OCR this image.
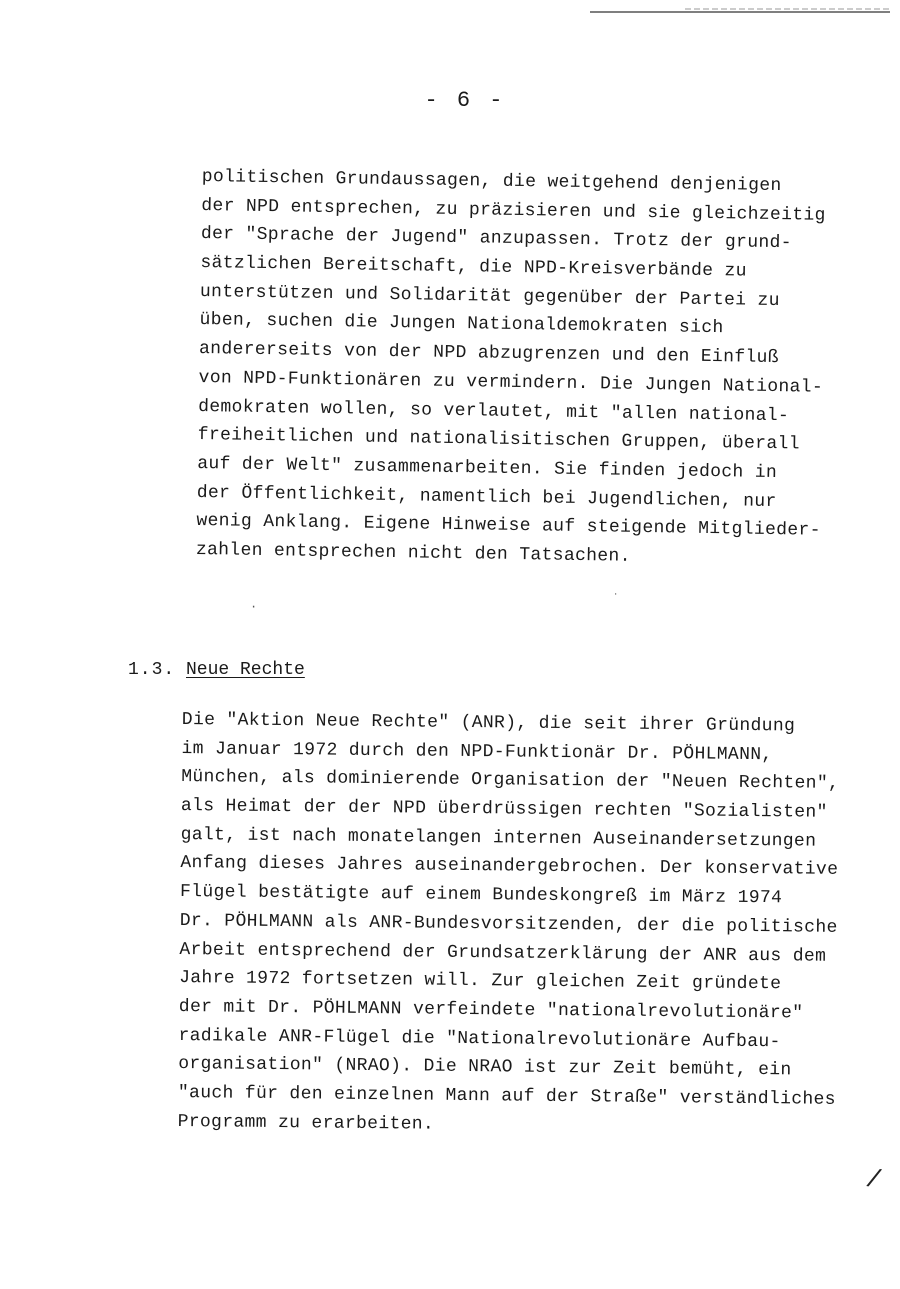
- 6 -
politischen Grundaussagen, die weitgehend denjenigen
der NPD entsprechen, zu präzisieren und sie gleichzeitig
der "Sprache der Jugend" anzupassen. Trotz der grund-
sätzlichen Bereitschaft, die NPD-Kreisverbände zu
unterstützen und Solidarität gegenüber der Partei zu
üben, suchen die Jungen Nationaldemokraten sich
andererseits von der NPD abzugrenzen und den Einfluß
von NPD-Funktionären zu vermindern. Die Jungen National-
demokraten wollen, so verlautet, mit "allen national-
freiheitlichen und nationalisitischen Gruppen, überall
auf der Welt" zusammenarbeiten. Sie finden jedoch in
der Öffentlichkeit, namentlich bei Jugendlichen, nur
wenig Anklang. Eigene Hinweise auf steigende Mitglieder-
zahlen entsprechen nicht den Tatsachen.
·
˙
1.3. Neue Rechte
Die "Aktion Neue Rechte" (ANR), die seit ihrer Gründung
im Januar 1972 durch den NPD-Funktionär Dr. PÖHLMANN,
München, als dominierende Organisation der "Neuen Rechten",
als Heimat der der NPD überdrüssigen rechten "Sozialisten"
galt, ist nach monatelangen internen Auseinandersetzungen
Anfang dieses Jahres auseinandergebrochen. Der konservative
Flügel bestätigte auf einem Bundeskongreß im März 1974
Dr. PÖHLMANN als ANR-Bundesvorsitzenden, der die politische
Arbeit entsprechend der Grundsatzerklärung der ANR aus dem
Jahre 1972 fortsetzen will. Zur gleichen Zeit gründete
der mit Dr. PÖHLMANN verfeindete "nationalrevolutionäre"
radikale ANR-Flügel die "Nationalrevolutionäre Aufbau-
organisation" (NRAO). Die NRAO ist zur Zeit bemüht, ein
"auch für den einzelnen Mann auf der Straße" verständliches
Programm zu erarbeiten.
/
